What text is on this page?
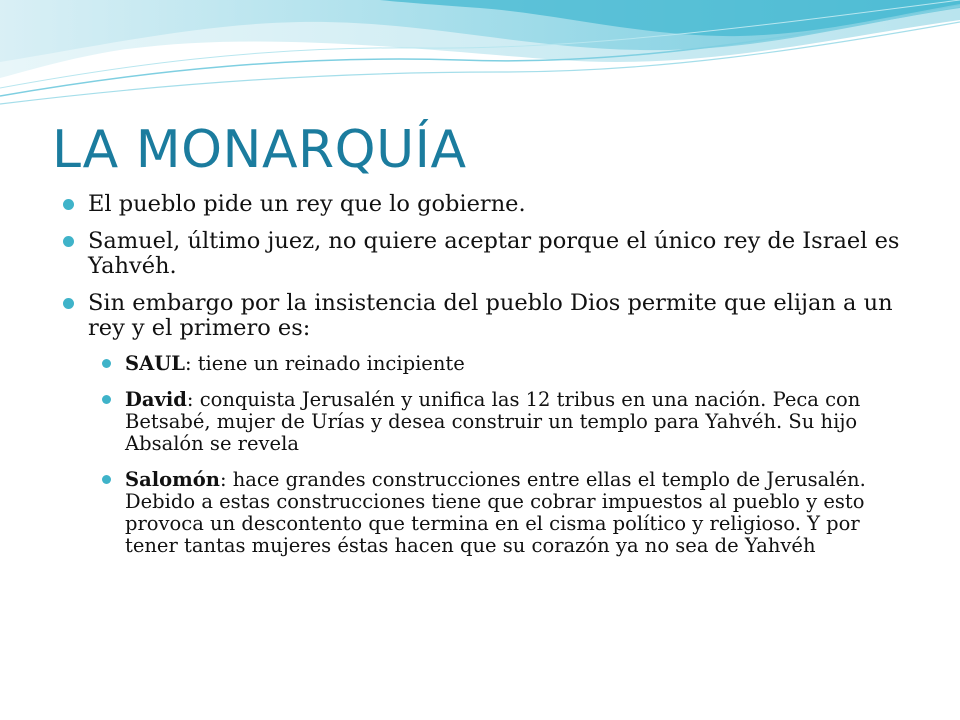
LA MONARQUÍA
El pueblo pide un rey que lo gobierne.
Samuel, último juez, no quiere aceptar porque el único rey de Israel es Yahvéh.
Sin embargo por la insistencia del pueblo Dios permite que elijan a un rey y el primero es:
SAUL: tiene un reinado incipiente
David: conquista Jerusalén y unifica las 12 tribus en una nación. Peca con Betsabé, mujer de Urías y desea construir un templo para Yahvéh. Su hijo Absalón se revela
Salomón: hace grandes construcciones entre ellas el templo de Jerusalén. Debido a estas construcciones tiene que cobrar impuestos al pueblo y esto provoca un descontento que termina en el cisma político y religioso. Y por tener tantas mujeres éstas hacen que su corazón ya no sea de Yahvéh
